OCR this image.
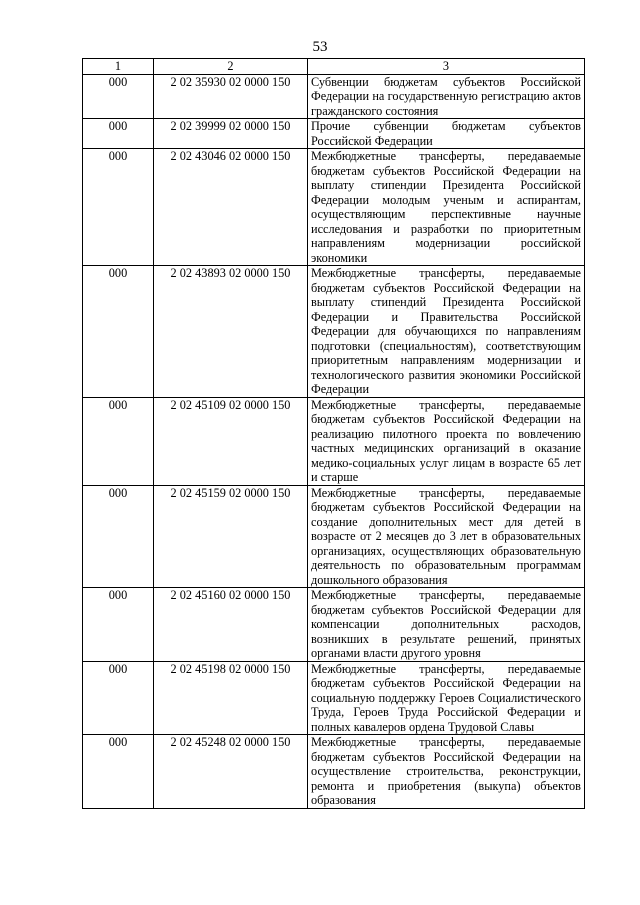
53
1	2	3
000	2 02 35930 02 0000 150	Субвенции бюджетам субъектов Российской Федерации на государственную регистрацию актов гражданского состояния
000	2 02 39999 02 0000 150	Прочие субвенции бюджетам субъектов Российской Федерации
000	2 02 43046 02 0000 150	Межбюджетные трансферты, передаваемые бюджетам субъектов Российской Федерации на выплату стипендии Президента Российской Федерации молодым ученым и аспирантам, осуществляющим перспективные научные исследования и разработки по приоритетным направлениям модернизации российской экономики
000	2 02 43893 02 0000 150	Межбюджетные трансферты, передаваемые бюджетам субъектов Российской Федерации на выплату стипендий Президента Российской Федерации и Правительства Российской Федерации для обучающихся по направлениям подготовки (специальностям), соответствующим приоритетным направлениям модернизации и технологического развития экономики Российской Федерации
000	2 02 45109 02 0000 150	Межбюджетные трансферты, передаваемые бюджетам субъектов Российской Федерации на реализацию пилотного проекта по вовлечению частных медицинских организаций в оказание медико-социальных услуг лицам в возрасте 65 лет и старше
000	2 02 45159 02 0000 150	Межбюджетные трансферты, передаваемые бюджетам субъектов Российской Федерации на создание дополнительных мест для детей в возрасте от 2 месяцев до 3 лет в образовательных организациях, осуществляющих образовательную деятельность по образовательным программам дошкольного образования
000	2 02 45160 02 0000 150	Межбюджетные трансферты, передаваемые бюджетам субъектов Российской Федерации для компенсации дополнительных расходов, возникших в результате решений, принятых органами власти другого уровня
000	2 02 45198 02 0000 150	Межбюджетные трансферты, передаваемые бюджетам субъектов Российской Федерации на социальную поддержку Героев Социалистического Труда, Героев Труда Российской Федерации и полных кавалеров ордена Трудовой Славы
000	2 02 45248 02 0000 150	Межбюджетные трансферты, передаваемые бюджетам субъектов Российской Федерации на осуществление строительства, реконструкции, ремонта и приобретения (выкупа) объектов образования
